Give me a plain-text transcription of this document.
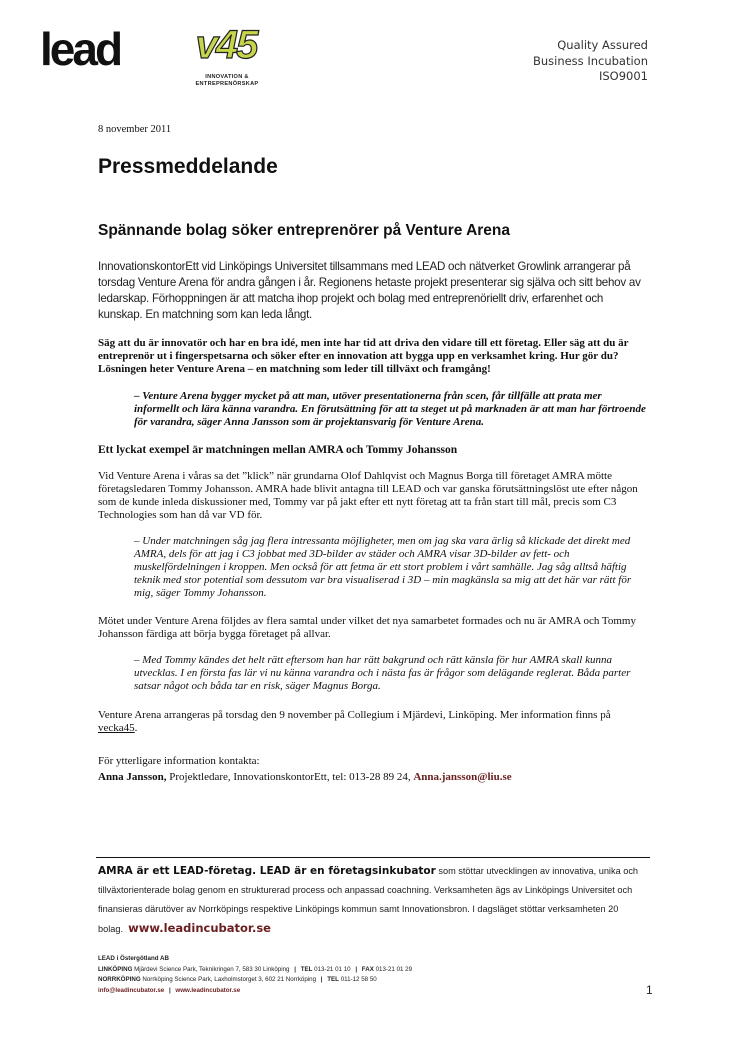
lead v45
INNOVATION &
ENTREPRENÖRSKAP
Quality Assured
Business Incubation
ISO9001
8 november 2011
Pressmeddelande
Spännande bolag söker entreprenörer på Venture Arena
InnovationskontorEtt vid Linköpings Universitet tillsammans med LEAD och nätverket Growlink arrangerar på torsdag Venture Arena för andra gången i år. Regionens hetaste projekt presenterar sig själva och sitt behov av ledarskap. Förhoppningen är att matcha ihop projekt och bolag med entreprenöriellt driv, erfarenhet och kunskap. En matchning som kan leda långt.
Säg att du är innovatör och har en bra idé, men inte har tid att driva den vidare till ett företag. Eller säg att du är entreprenör ut i fingerspetsarna och söker efter en innovation att bygga upp en verksamhet kring. Hur gör du? Lösningen heter Venture Arena – en matchning som leder till tillväxt och framgång!
– Venture Arena bygger mycket på att man, utöver presentationerna från scen, får tillfälle att prata mer informellt och lära känna varandra. En förutsättning för att ta steget ut på marknaden är att man har förtroende för varandra, säger Anna Jansson som är projektansvarig för Venture Arena.
Ett lyckat exempel är matchningen mellan AMRA och Tommy Johansson
Vid Venture Arena i våras sa det ”klick” när grundarna Olof Dahlqvist och Magnus Borga till företaget AMRA mötte företagsledaren Tommy Johansson. AMRA hade blivit antagna till LEAD och var ganska förutsättningslöst ute efter någon som de kunde inleda diskussioner med, Tommy var på jakt efter ett nytt företag att ta från start till mål, precis som C3 Technologies som han då var VD för.
– Under matchningen såg jag flera intressanta möjligheter, men om jag ska vara ärlig så klickade det direkt med AMRA, dels för att jag i C3 jobbat med 3D-bilder av städer och AMRA visar 3D-bilder av fett- och muskelfördelningen i kroppen. Men också för att fetma är ett stort problem i vårt samhälle. Jag såg alltså häftig teknik med stor potential som dessutom var bra visualiserad i 3D – min magkänsla sa mig att det här var rätt för mig, säger Tommy Johansson.
Mötet under Venture Arena följdes av flera samtal under vilket det nya samarbetet formades och nu är AMRA och Tommy Johansson färdiga att börja bygga företaget på allvar.
– Med Tommy kändes det helt rätt eftersom han har rätt bakgrund och rätt känsla för hur AMRA skall kunna utvecklas. I en första fas lär vi nu känna varandra och i nästa fas är frågor som delägande reglerat. Båda parter satsar något och båda tar en risk, säger Magnus Borga.
Venture Arena arrangeras på torsdag den 9 november på Collegium i Mjärdevi, Linköping. Mer information finns på vecka45.
För ytterligare information kontakta:
Anna Jansson, Projektledare, InnovationskontorEtt, tel: 013-28 89 24, Anna.jansson@liu.se
AMRA är ett LEAD-företag. LEAD är en företagsinkubator som stöttar utvecklingen av innovativa, unika och tillväxtorienterade bolag genom en strukturerad process och anpassad coachning. Verksamheten ägs av Linköpings Universitet och finansieras därutöver av Norrköpings respektive Linköpings kommun samt Innovationsbron. I dagsläget stöttar verksamheten 20 bolag. www.leadincubator.se
LEAD i Östergötland AB
LINKÖPING Mjärdevi Science Park, Teknikringen 7, 583 30 Linköping | TEL 013-21 01 10 | FAX 013-21 01 29
NORRKÖPING Norrköping Science Park, Laxholmstorget 3, 602 21 Norrköping | TEL 011-12 58 50
info@leadincubator.se | www.leadincubator.se	1
